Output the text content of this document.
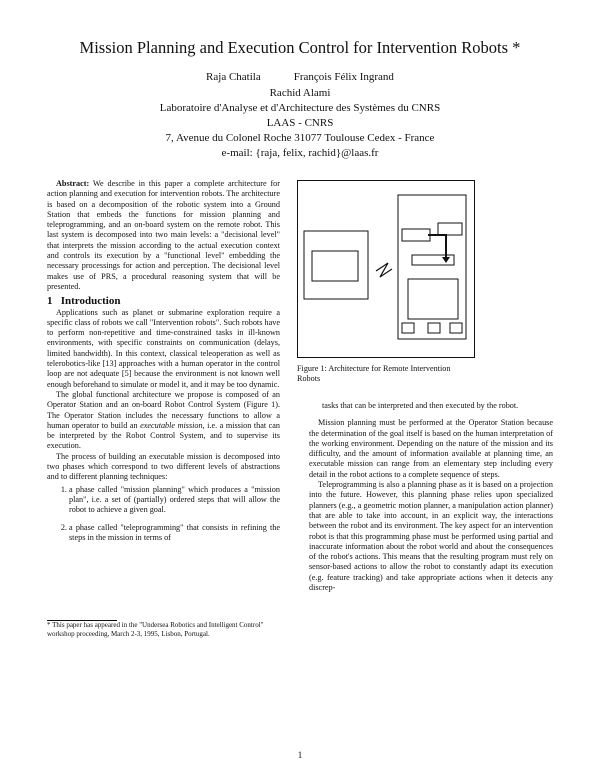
Mission Planning and Execution Control for Intervention Robots *
Raja Chatila            François Félix Ingrand
Rachid Alami
Laboratoire d'Analyse et d'Architecture des Systèmes du CNRS
LAAS - CNRS
7, Avenue du Colonel Roche 31077 Toulouse Cedex - France
e-mail: {raja, felix, rachid}@laas.fr

Abstract: We describe in this paper a complete architecture for action planning and execution for intervention robots. The architecture is based on a decomposition of the robotic system into a Ground Station that embeds the functions for mission planning and teleprogramming, and an on-board system on the remote robot. This last system is decomposed into two main levels: a "decisional level" that interprets the mission according to the actual execution context and controls its execution by a "functional level" embedding the necessary processings for action and perception. The decisional level makes use of PRS, a procedural reasoning system that will be presented.

1   Introduction

Applications such as planet or submarine exploration require a specific class of robots we call "Intervention robots". Such robots have to perform non-repetitive and time-constrained tasks in ill-known environments, with specific constraints on communication (delays, limited bandwidth). In this context, classical teleoperation as well as telerobotics-like [13] approaches with a human operator in the control loop are not adequate [5] because the environment is not known well enough beforehand to simulate or model it, and it may be too dynamic.

The global functional architecture we propose is composed of an Operator Station and an on-board Robot Control System (Figure 1). The Operator Station includes the necessary functions to allow a human operator to build an executable mission, i.e. a mission that can be interpreted by the Robot Control System, and to supervise its execution.

The process of building an executable mission is decomposed into two phases which correspond to two different levels of abstractions and to different planning techniques:

1. a phase called "mission planning" which produces a "mission plan", i.e. a set of (partially) ordered steps that will allow the robot to achieve a given goal.
2. a phase called "teleprogramming" that consists in refining the steps in the mission in terms of
* This paper has appeared in the "Undersea Robotics and Intelligent Control" workshop proceeding, March 2-3, 1995, Lisbon, Portugal.
Figure 1: Architecture for Remote Intervention Robots

tasks that can be interpreted and then executed by the robot.

Mission planning must be performed at the Operator Station because the determination of the goal itself is based on the human interpretation of the working environment. Depending on the nature of the mission and its difficulty, and the amount of information available at planning time, an executable mission can range from an elementary step including every detail in the robot actions to a complete sequence of steps.

Teleprogramming is also a planning phase as it is based on a projection into the future. However, this planning phase relies upon specialized planners (e.g., a geometric motion planner, a manipulation action planner) that are able to take into account, in an explicit way, the interactions between the robot and its environment. The key aspect for an intervention robot is that this programming phase must be performed using partial and inaccurate information about the robot world and about the consequences of the robot's actions. This means that the resulting program must rely on sensor-based actions to allow the robot to constantly adapt its execution (e.g. feature tracking) and take appropriate actions when it detects any discrep-

1
